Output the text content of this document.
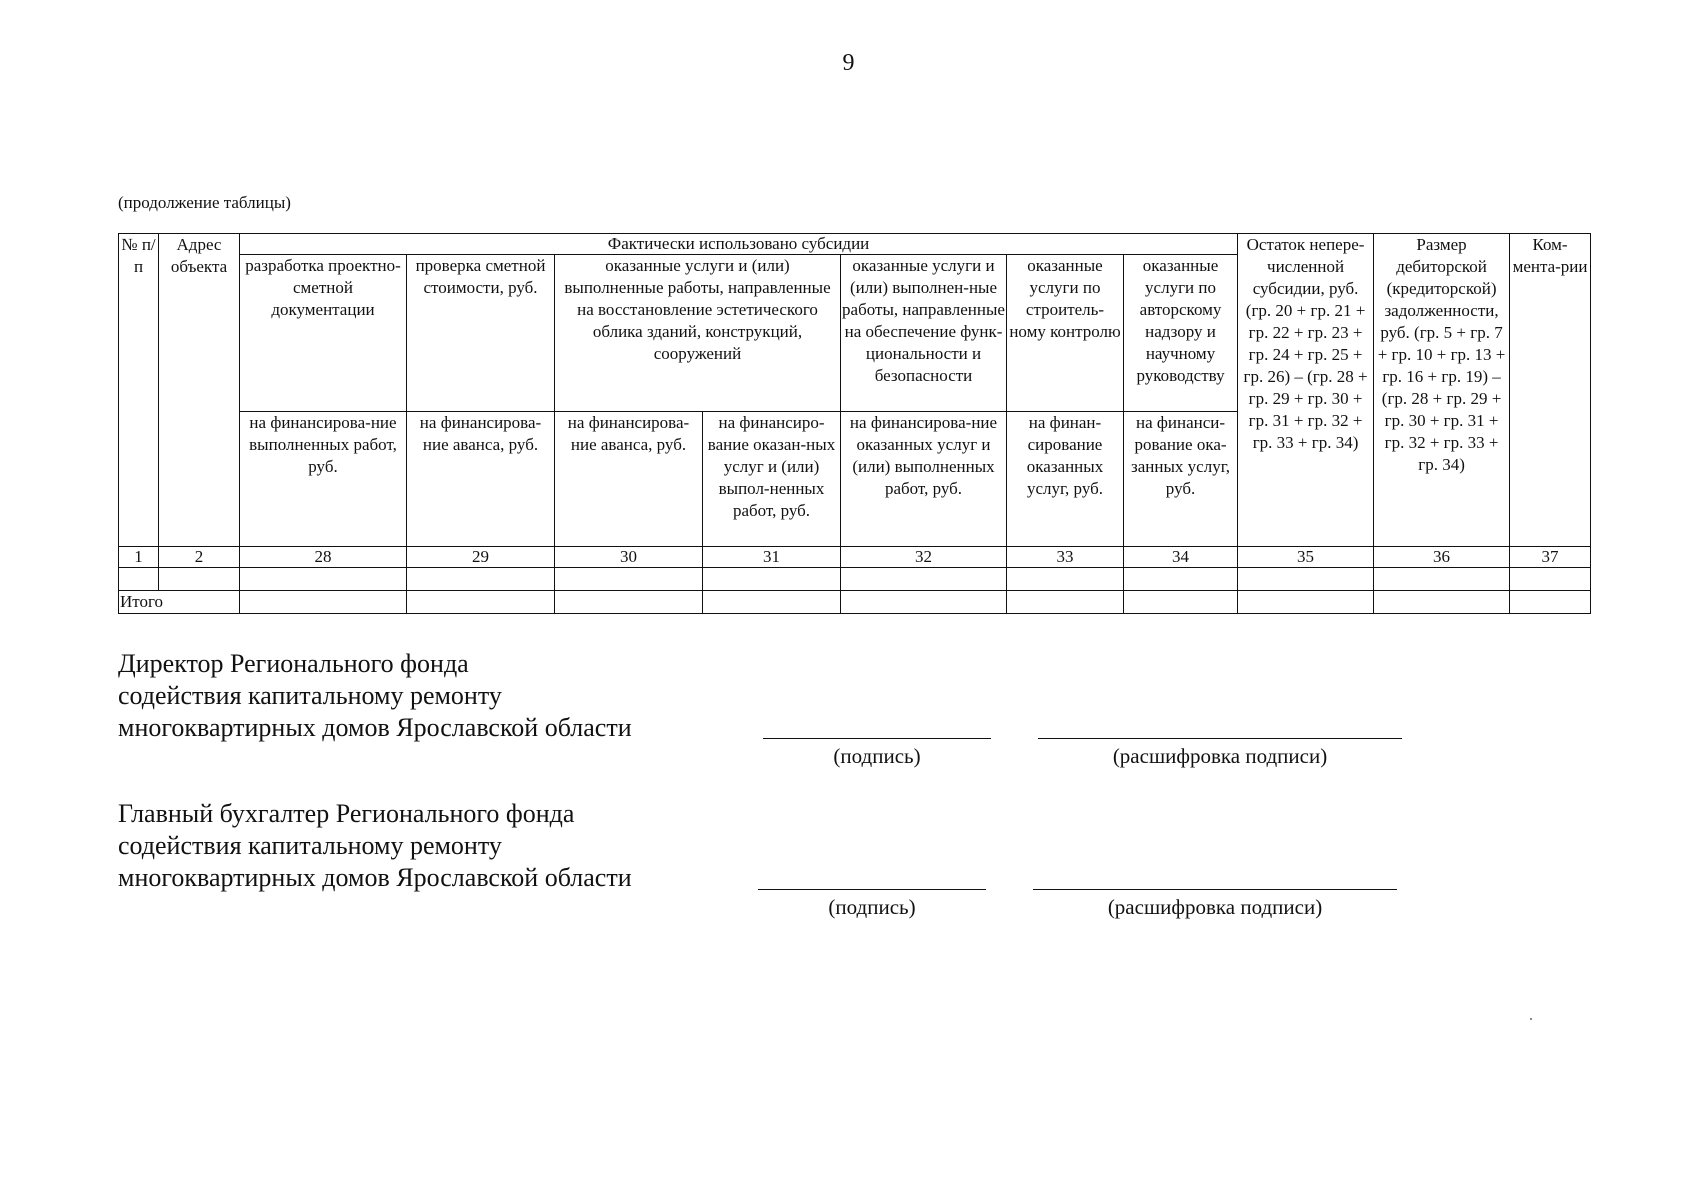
9
(продолжение таблицы)
№ п/п	Адрес объекта	Фактически использовано субсидии							Остаток непере-численной субсидии, руб. (гр. 20 + гр. 21 + гр. 22 + гр. 23 + гр. 24 + гр. 25 + гр. 26) – (гр. 28 + гр. 29 + гр. 30 + гр. 31 + гр. 32 + гр. 33 + гр. 34)	Размер дебиторской (кредиторской) задолженности, руб. (гр. 5 + гр. 7 + гр. 10 + гр. 13 + гр. 16 + гр. 19) – (гр. 28 + гр. 29 + гр. 30 + гр. 31 + гр. 32 + гр. 33 + гр. 34)	Ком-мента-рии
		разработка проектно-сметной документации	проверка сметной стоимости, руб.	оказанные услуги и (или) выполненные работы, направленные на восстановление эстетического облика зданий, конструкций, сооружений		оказанные услуги и (или) выполнен-ные работы, направленные на обеспечение функ-циональности и безопасности	оказанные услуги по строитель-ному контролю	оказанные услуги по авторскому надзору и научному руководству			
		на финансирова-ние выполненных работ, руб.	на финансирова-ние аванса, руб.	на финансирова-ние аванса, руб.	на финансиро-вание оказан-ных услуг и (или) выпол-ненных работ, руб.	на финансирова-ние оказанных услуг и (или) выполненных работ, руб.	на финан-сирование оказанных услуг, руб.	на финанси-рование ока-занных услуг, руб.			
1	2	28	29	30	31	32	33	34	35	36	37

Итого											
Директор Регионального фонда
содействия капитальному ремонту
многоквартирных домов Ярославской области
(подпись)	(расшифровка подписи)
Главный бухгалтер Регионального фонда
содействия капитальному ремонту
многоквартирных домов Ярославской области
(подпись)	(расшифровка подписи)
